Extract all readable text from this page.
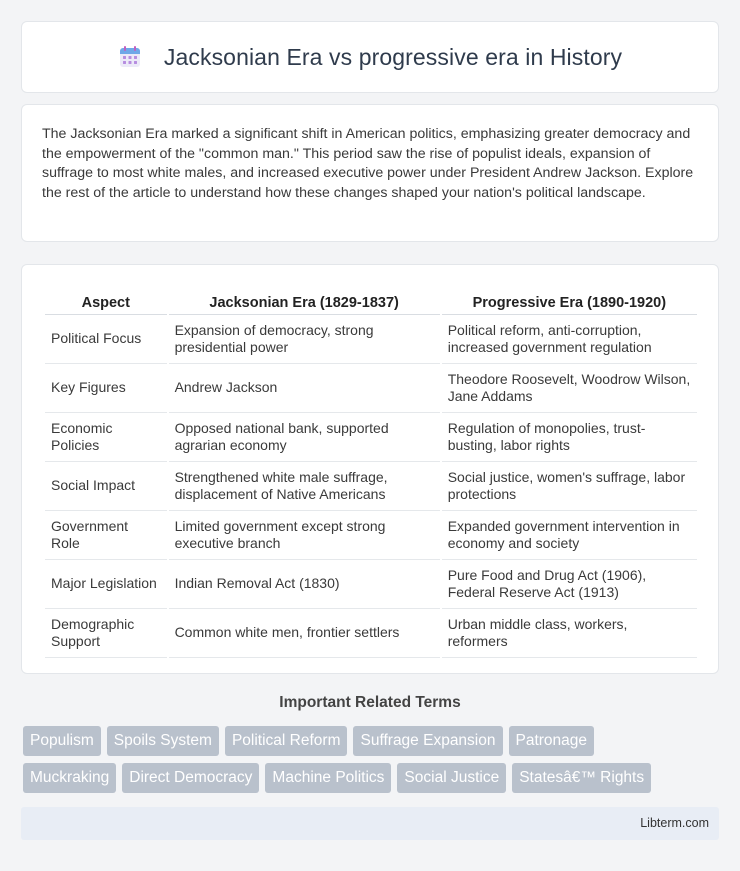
Jacksonian Era vs progressive era in History

The Jacksonian Era marked a significant shift in American politics, emphasizing greater democracy and the empowerment of the "common man." This period saw the rise of populist ideals, expansion of suffrage to most white males, and increased executive power under President Andrew Jackson. Explore the rest of the article to understand how these changes shaped your nation's political landscape.

Aspect	Jacksonian Era (1829-1837)	Progressive Era (1890-1920)
Political Focus	Expansion of democracy, strong presidential power	Political reform, anti-corruption, increased government regulation
Key Figures	Andrew Jackson	Theodore Roosevelt, Woodrow Wilson, Jane Addams
Economic Policies	Opposed national bank, supported agrarian economy	Regulation of monopolies, trust-busting, labor rights
Social Impact	Strengthened white male suffrage, displacement of Native Americans	Social justice, women's suffrage, labor protections
Government Role	Limited government except strong executive branch	Expanded government intervention in economy and society
Major Legislation	Indian Removal Act (1830)	Pure Food and Drug Act (1906), Federal Reserve Act (1913)
Demographic Support	Common white men, frontier settlers	Urban middle class, workers, reformers
Important Related Terms
Populism	Spoils System	Political Reform	Suffrage Expansion	Patronage
Muckraking	Direct Democracy	Machine Politics	Social Justice	Statesâ€™ Rights
Libterm.com
